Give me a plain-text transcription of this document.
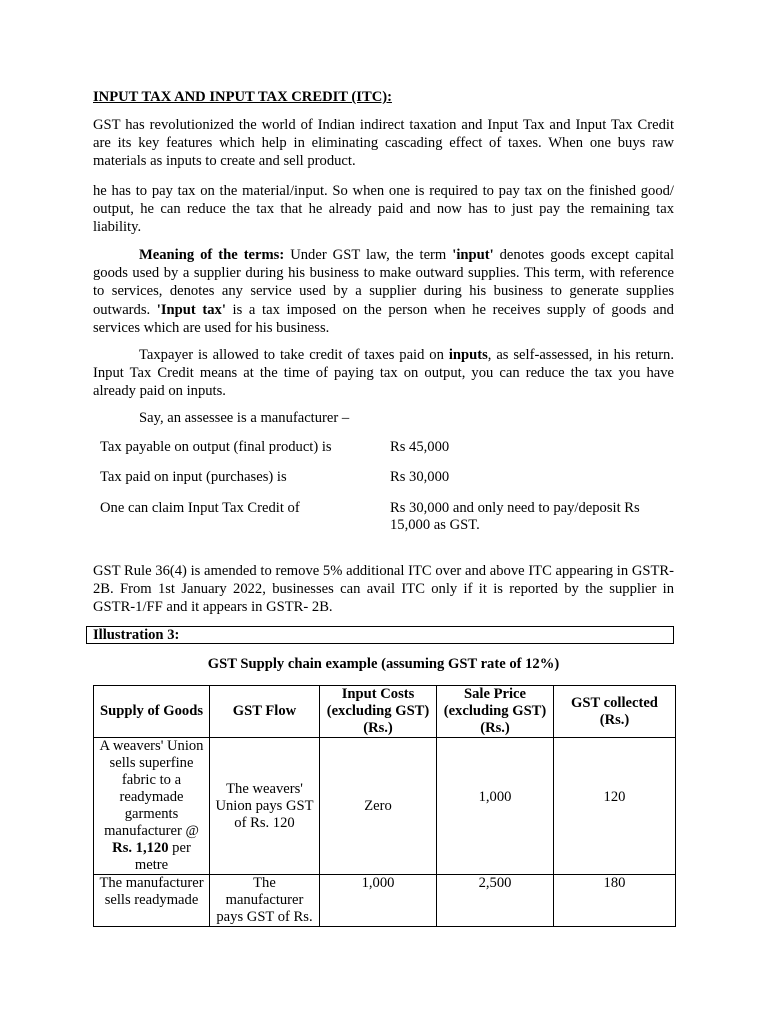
INPUT TAX AND INPUT TAX CREDIT (ITC):

GST has revolutionized the world of Indian indirect taxation and Input Tax and Input Tax Credit are its key features which help in eliminating cascading effect of taxes. When one buys raw materials as inputs to create and sell product.

he has to pay tax on the material/input. So when one is required to pay tax on the finished good/ output, he can reduce the tax that he already paid and now has to just pay the remaining tax liability.

Meaning of the terms: Under GST law, the term 'input' denotes goods except capital goods used by a supplier during his business to make outward supplies. This term, with reference to services, denotes any service used by a supplier during his business to generate supplies outwards. 'Input tax' is a tax imposed on the person when he receives supply of goods and services which are used for his business.

Taxpayer is allowed to take credit of taxes paid on inputs, as self-assessed, in his return. Input Tax Credit means at the time of paying tax on output, you can reduce the tax you have already paid on inputs.

Say, an assessee is a manufacturer –
Tax payable on output (final product) is	Rs 45,000
Tax paid on input (purchases) is	Rs 30,000
One can claim Input Tax Credit of	Rs 30,000 and only need to pay/deposit Rs 15,000 as GST.

GST Rule 36(4) is amended to remove 5% additional ITC over and above ITC appearing in GSTR-2B. From 1st January 2022, businesses can avail ITC only if it is reported by the supplier in GSTR-1/FF and it appears in GSTR- 2B.

Illustration 3:
GST Supply chain example (assuming GST rate of 12%)
Supply of Goods	GST Flow	Input Costs (excluding GST) (Rs.)	Sale Price (excluding GST) (Rs.)	GST collected (Rs.)
A weavers' Union sells superfine fabric to a readymade garments manufacturer @ Rs. 1,120 per metre	The weavers' Union pays GST of Rs. 120	Zero	1,000	120
The manufacturer sells readymade	The manufacturer pays GST of Rs.	1,000	2,500	180
